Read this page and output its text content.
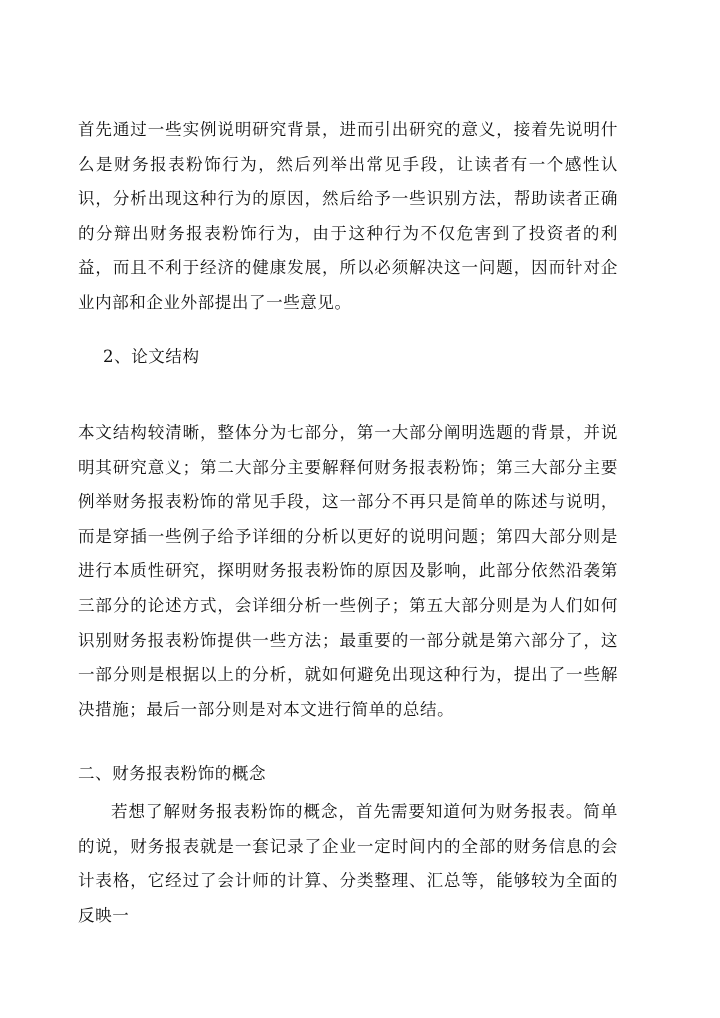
首先通过一些实例说明研究背景，进而引出研究的意义，接着先说明什么是财务报表粉饰行为，然后列举出常见手段，让读者有一个感性认识，分析出现这种行为的原因，然后给予一些识别方法，帮助读者正确的分辩出财务报表粉饰行为，由于这种行为不仅危害到了投资者的利益，而且不利于经济的健康发展，所以必须解决这一问题，因而针对企业内部和企业外部提出了一些意见。

2、论文结构

本文结构较清晰，整体分为七部分，第一大部分阐明选题的背景，并说明其研究意义；第二大部分主要解释何财务报表粉饰；第三大部分主要例举财务报表粉饰的常见手段，这一部分不再只是简单的陈述与说明，而是穿插一些例子给予详细的分析以更好的说明问题；第四大部分则是进行本质性研究，探明财务报表粉饰的原因及影响，此部分依然沿袭第三部分的论述方式，会详细分析一些例子；第五大部分则是为人们如何识别财务报表粉饰提供一些方法；最重要的一部分就是第六部分了，这一部分则是根据以上的分析，就如何避免出现这种行为，提出了一些解决措施；最后一部分则是对本文进行简单的总结。

二、财务报表粉饰的概念

若想了解财务报表粉饰的概念，首先需要知道何为财务报表。简单的说，财务报表就是一套记录了企业一定时间内的全部的财务信息的会计表格，它经过了会计师的计算、分类整理、汇总等，能够较为全面的反映一
